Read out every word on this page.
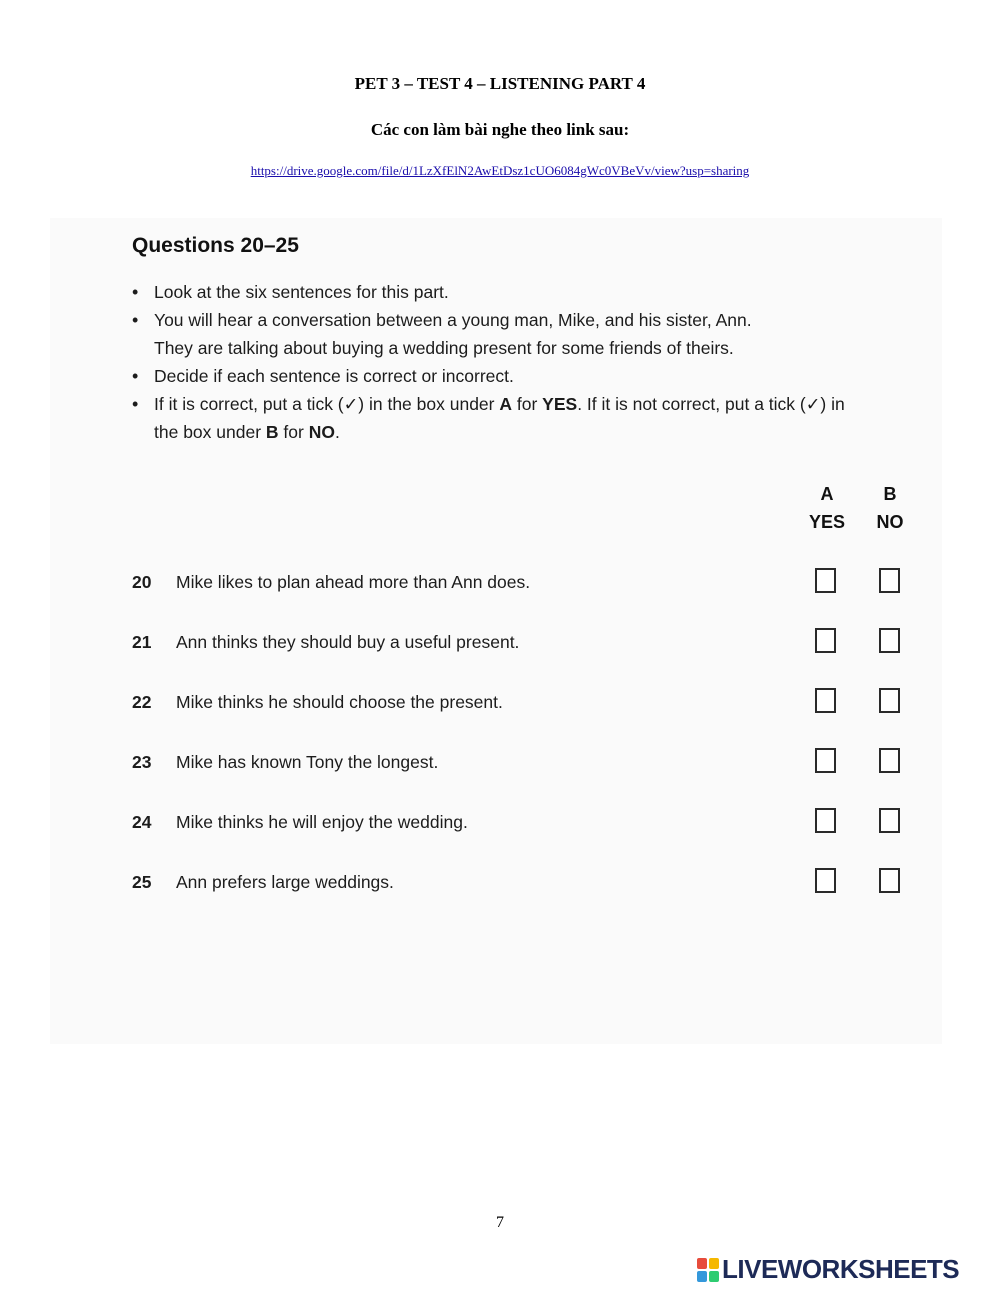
PET 3 – TEST 4 – LISTENING PART 4
Các con làm bài nghe theo link sau:
https://drive.google.com/file/d/1LzXfElN2AwEtDsz1cUO6084gWc0VBeVv/view?usp=sharing
Questions 20–25
• Look at the six sentences for this part.
• You will hear a conversation between a young man, Mike, and his sister, Ann.
They are talking about buying a wedding present for some friends of theirs.
• Decide if each sentence is correct or incorrect.
• If it is correct, put a tick (✓) in the box under A for YES. If it is not correct, put a tick (✓) in
the box under B for NO.
A
YES
B
NO
20 Mike likes to plan ahead more than Ann does.
21 Ann thinks they should buy a useful present.
22 Mike thinks he should choose the present.
23 Mike has known Tony the longest.
24 Mike thinks he will enjoy the wedding.
25 Ann prefers large weddings.
7
LIVEWORKSHEETS
